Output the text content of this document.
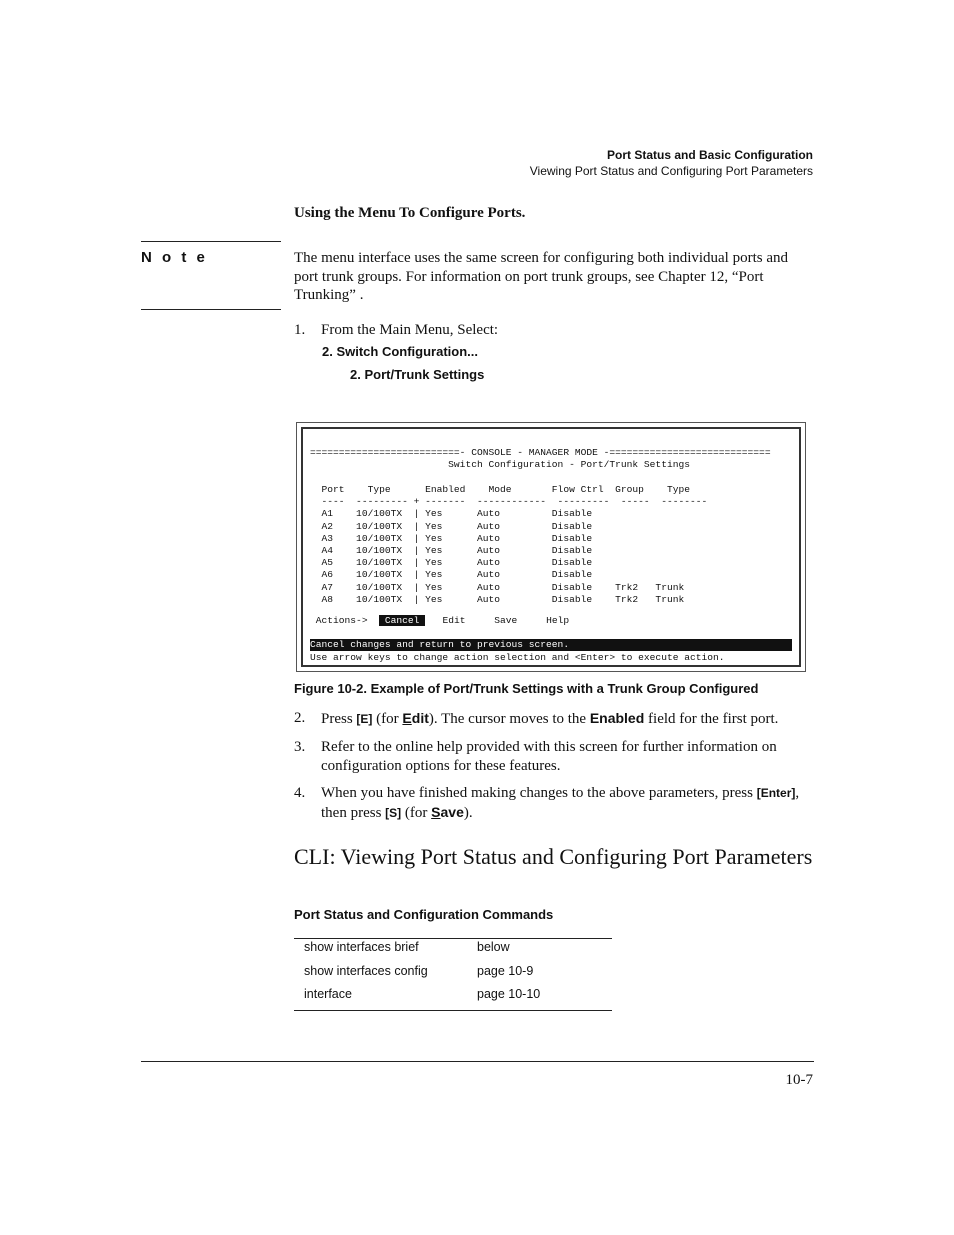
Port Status and Basic Configuration
Viewing Port Status and Configuring Port Parameters
Using the Menu To Configure Ports.
N o t e	The menu interface uses the same screen for configuring both individual ports and port trunk groups. For information on port trunk groups, see Chapter 12, “Port Trunking” .
1. From the Main Menu, Select:
2. Switch Configuration...
2. Port/Trunk Settings
==========================- CONSOLE - MANAGER MODE -============================
Switch Configuration - Port/Trunk Settings
Port    Type      Enabled    Mode       Flow Ctrl  Group    Type
----  --------- + -------  ------------  ---------  -----  --------
A1    10/100TX  | Yes      Auto         Disable
A2    10/100TX  | Yes      Auto         Disable
A3    10/100TX  | Yes      Auto         Disable
A4    10/100TX  | Yes      Auto         Disable
A5    10/100TX  | Yes      Auto         Disable
A6    10/100TX  | Yes      Auto         Disable
A7    10/100TX  | Yes      Auto         Disable    Trk2   Trunk
A8    10/100TX  | Yes      Auto         Disable    Trk2   Trunk
Actions-> Cancel Edit	Save	Help
Cancel changes and return to previous screen.
Use arrow keys to change action selection and <Enter> to execute action.
Figure 10-2. Example of Port/Trunk Settings with a Trunk Group Configured
2. Press [E] (for Edit). The cursor moves to the Enabled field for the first port.
3. Refer to the online help provided with this screen for further information on configuration options for these features.
4. When you have finished making changes to the above parameters, press [Enter], then press [S] (for Save).
CLI: Viewing Port Status and Configuring Port Parameters
Port Status and Configuration Commands
show interfaces brief	below
show interfaces config	page 10-9
interface	page 10-10
10-7
